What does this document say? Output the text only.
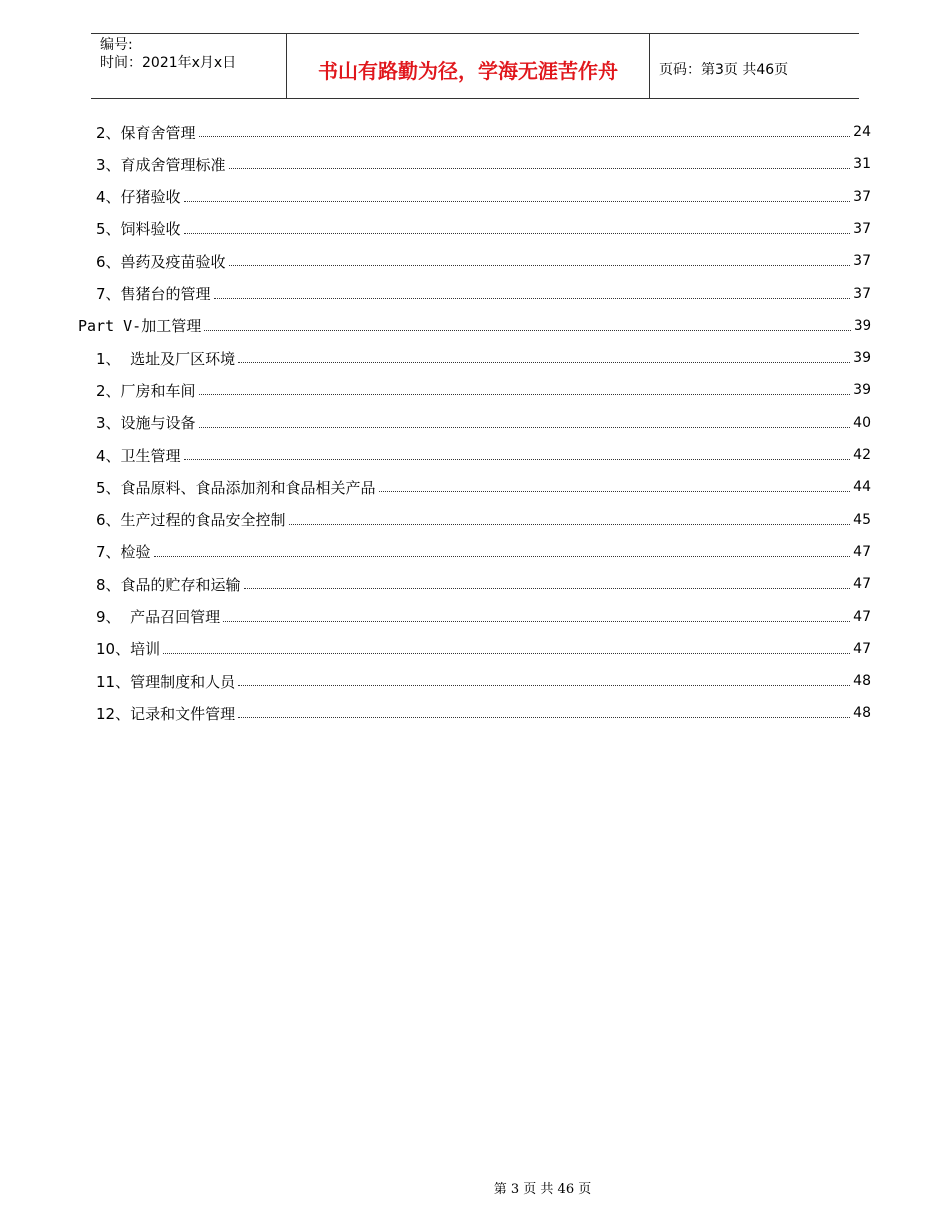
编号:
时间：2021年x月x日	书山有路勤为径，学海无涯苦作舟	页码：第3页 共46页
2、保育舍管理	24
3、育成舍管理标准	31
4、仔猪验收	37
5、饲料验收	37
6、兽药及疫苗验收	37
7、售猪台的管理	37
Part V-加工管理	39
1、  选址及厂区环境	39
2、厂房和车间	39
3、设施与设备	40
4、卫生管理	42
5、食品原料、食品添加剂和食品相关产品	44
6、生产过程的食品安全控制	45
7、检验	47
8、食品的贮存和运输	47
9、  产品召回管理	47
10、培训	47
11、管理制度和人员	48
12、记录和文件管理	48
第 3 页 共 46 页
